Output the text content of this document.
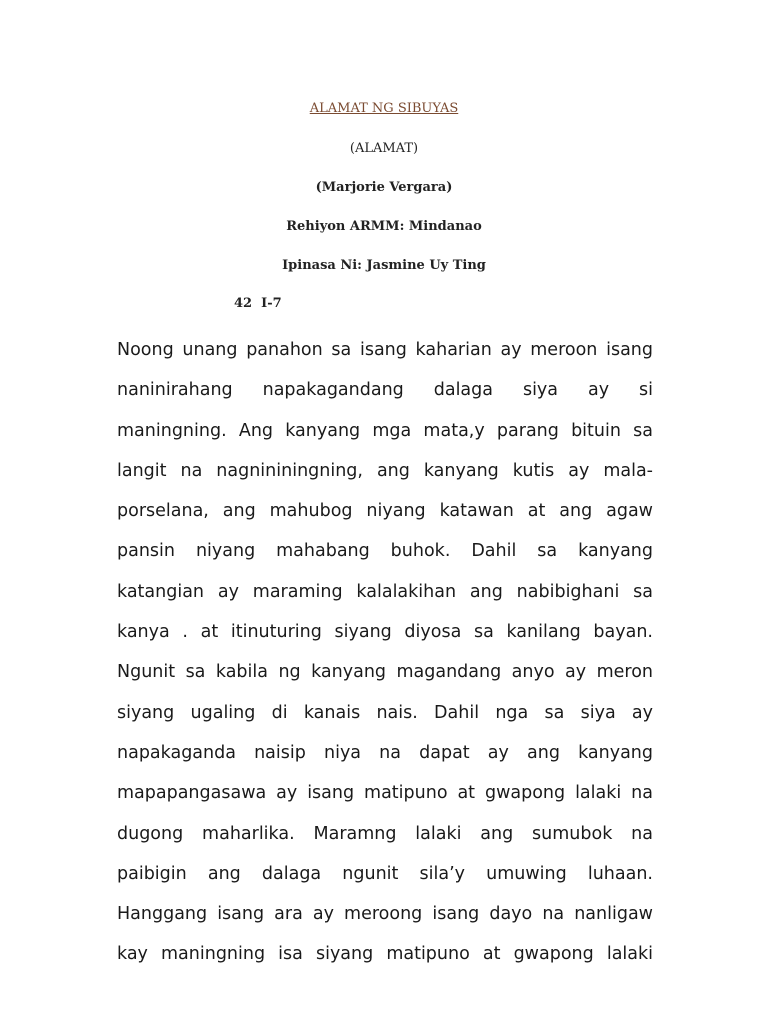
ALAMAT NG SIBUYAS
(ALAMAT)
(Marjorie Vergara)
Rehiyon ARMM: Mindanao
Ipinasa Ni: Jasmine Uy Ting
42  I-7
Noong unang panahon sa isang kaharian ay meroon isang
naninirahang napakagandang dalaga siya ay si
maningning. Ang kanyang mga mata,y parang bituin sa
langit na nagnininingning, ang kanyang kutis ay mala-
porselana, ang mahubog niyang katawan at ang agaw
pansin niyang mahabang buhok. Dahil sa kanyang
katangian ay maraming kalalakihan ang nabibighani sa
kanya . at itinuturing siyang diyosa sa kanilang bayan.
Ngunit sa kabila ng kanyang magandang anyo ay meron
siyang ugaling di kanais nais. Dahil nga sa siya ay
napakaganda naisip niya na dapat ay ang kanyang
mapapangasawa ay isang matipuno at gwapong lalaki na
dugong maharlika. Maramng lalaki ang sumubok na
paibigin ang dalaga ngunit sila’y umuwing luhaan.
Hanggang isang ara ay meroong isang dayo na nanligaw
kay maningning isa siyang matipuno at gwapong lalaki
